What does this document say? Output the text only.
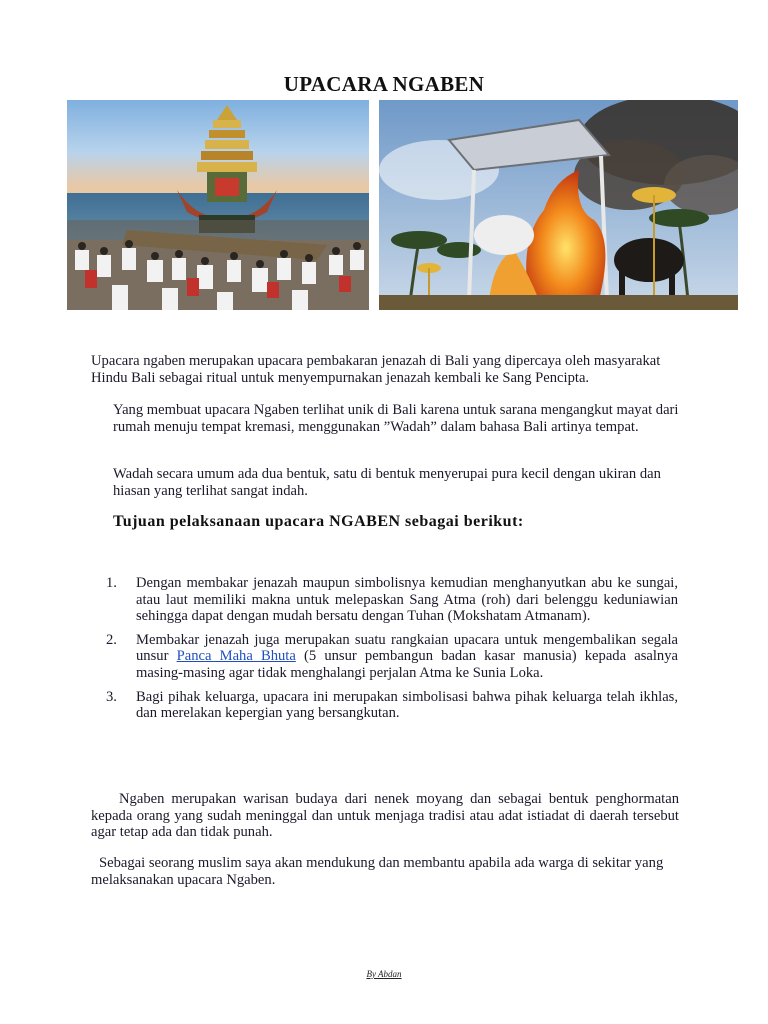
UPACARA NGABEN

Upacara ngaben merupakan upacara pembakaran jenazah di Bali yang dipercaya oleh masyarakat Hindu Bali sebagai ritual untuk menyempurnakan jenazah kembali ke Sang Pencipta.

Yang membuat upacara Ngaben terlihat unik di Bali karena untuk sarana mengangkut mayat dari rumah menuju tempat kremasi, menggunakan ”Wadah” dalam bahasa Bali artinya tempat.

Wadah secara umum ada dua bentuk, satu di bentuk menyerupai pura kecil dengan ukiran dan hiasan yang terlihat sangat indah.

Tujuan pelaksanaan upacara NGABEN sebagai berikut:
1.	Dengan membakar jenazah maupun simbolisnya kemudian menghanyutkan abu ke sungai, atau laut memiliki makna untuk melepaskan Sang Atma (roh) dari belenggu keduniawian sehingga dapat dengan mudah bersatu dengan Tuhan (Mokshatam Atmanam).
2.	Membakar jenazah juga merupakan suatu rangkaian upacara untuk mengembalikan segala unsur Panca Maha Bhuta (5 unsur pembangun badan kasar manusia) kepada asalnya masing-masing agar tidak menghalangi perjalan Atma ke Sunia Loka.
3.	Bagi pihak keluarga, upacara ini merupakan simbolisasi bahwa pihak keluarga telah ikhlas, dan merelakan kepergian yang bersangkutan.

Ngaben merupakan warisan budaya dari nenek moyang dan sebagai bentuk penghormatan kepada orang yang sudah meninggal dan untuk menjaga tradisi atau adat istiadat di daerah tersebut agar tetap ada dan tidak punah.

Sebagai seorang muslim saya akan mendukung dan membantu apabila ada warga di sekitar yang melaksanakan upacara Ngaben.

By Abdan
